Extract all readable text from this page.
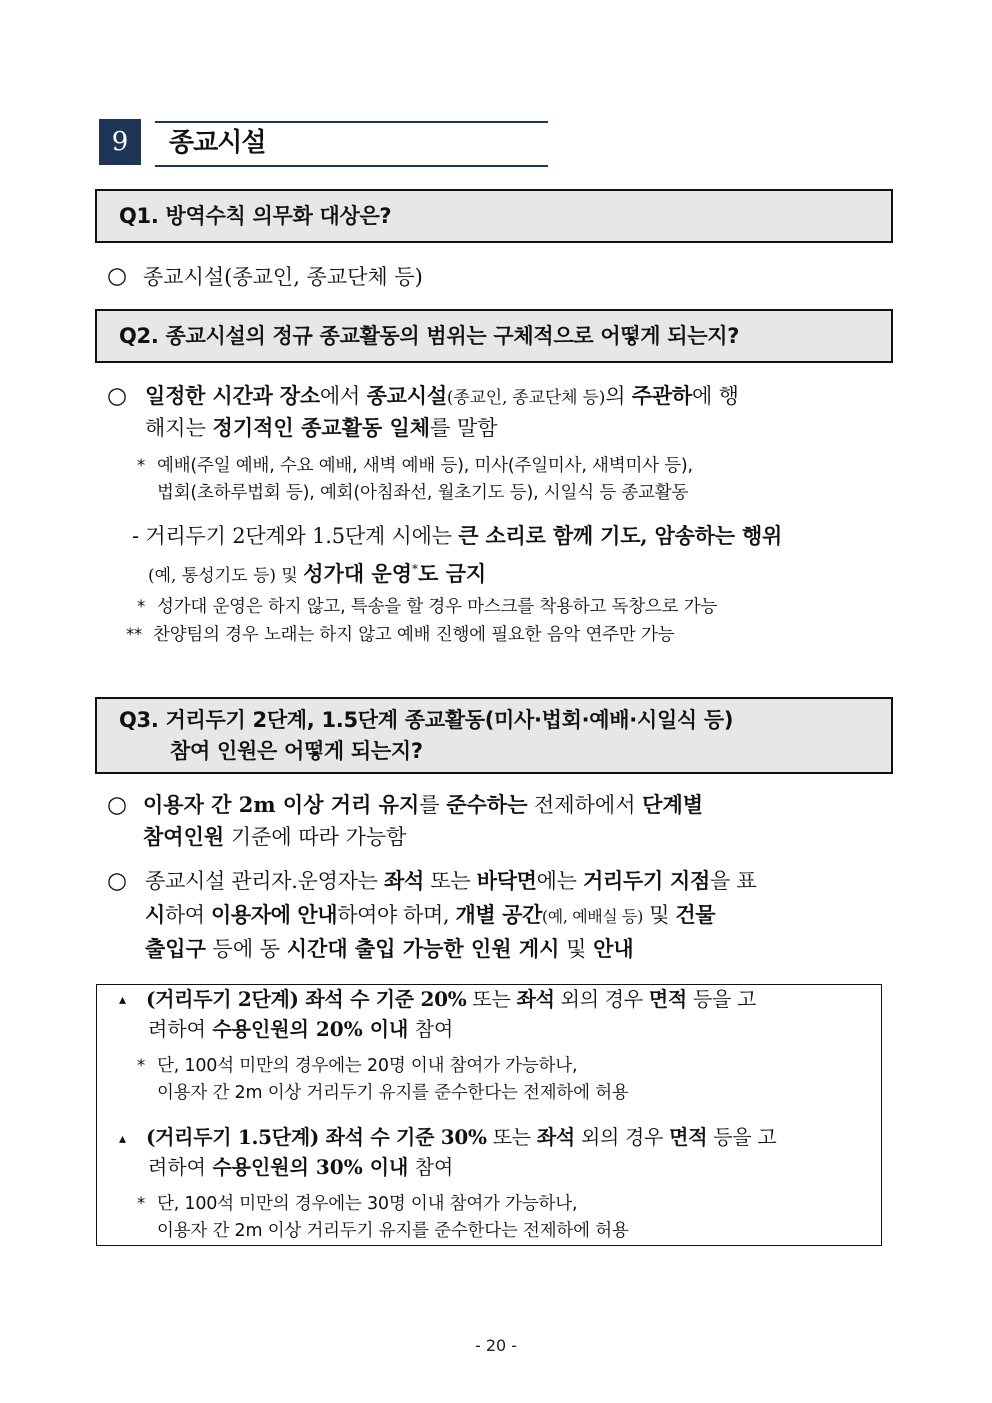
9	종교시설
Q1. 방역수칙 의무화 대상은?
○ 종교시설(종교인, 종교단체 등)
Q2. 종교시설의 정규 종교활동의 범위는 구체적으로 어떻게 되는지?
○ 일정한 시간과 장소에서 종교시설(종교인, 종교단체 등)의 주관하에 행
해지는 정기적인 종교활동 일체를 말함
* 예배(주일 예배, 수요 예배, 새벽 예배 등), 미사(주일미사, 새벽미사 등),
법회(초하루법회 등), 예회(아침좌선, 월초기도 등), 시일식 등 종교활동
- 거리두기 2단계와 1.5단계 시에는 큰 소리로 함께 기도, 암송하는 행위
(예, 통성기도 등) 및 성가대 운영*도 금지
* 성가대 운영은 하지 않고, 특송을 할 경우 마스크를 착용하고 독창으로 가능
** 찬양팀의 경우 노래는 하지 않고 예배 진행에 필요한 음악 연주만 가능
Q3. 거리두기 2단계, 1.5단계 종교활동(미사·법회·예배·시일식 등)
참여 인원은 어떻게 되는지?
○ 이용자 간 2m 이상 거리 유지를 준수하는 전제하에서 단계별
참여인원 기준에 따라 가능함
○ 종교시설 관리자.운영자는 좌석 또는 바닥면에는 거리두기 지점을 표
시하여 이용자에 안내하여야 하며, 개별 공간(예, 예배실 등) 및 건물
출입구 등에 동 시간대 출입 가능한 인원 게시 및 안내
▴ (거리두기 2단계) 좌석 수 기준 20% 또는 좌석 외의 경우 면적 등을 고
려하여 수용인원의 20% 이내 참여
* 단, 100석 미만의 경우에는 20명 이내 참여가 가능하나,
이용자 간 2m 이상 거리두기 유지를 준수한다는 전제하에 허용
▴ (거리두기 1.5단계) 좌석 수 기준 30% 또는 좌석 외의 경우 면적 등을 고
려하여 수용인원의 30% 이내 참여
* 단, 100석 미만의 경우에는 30명 이내 참여가 가능하나,
이용자 간 2m 이상 거리두기 유지를 준수한다는 전제하에 허용
- 20 -
